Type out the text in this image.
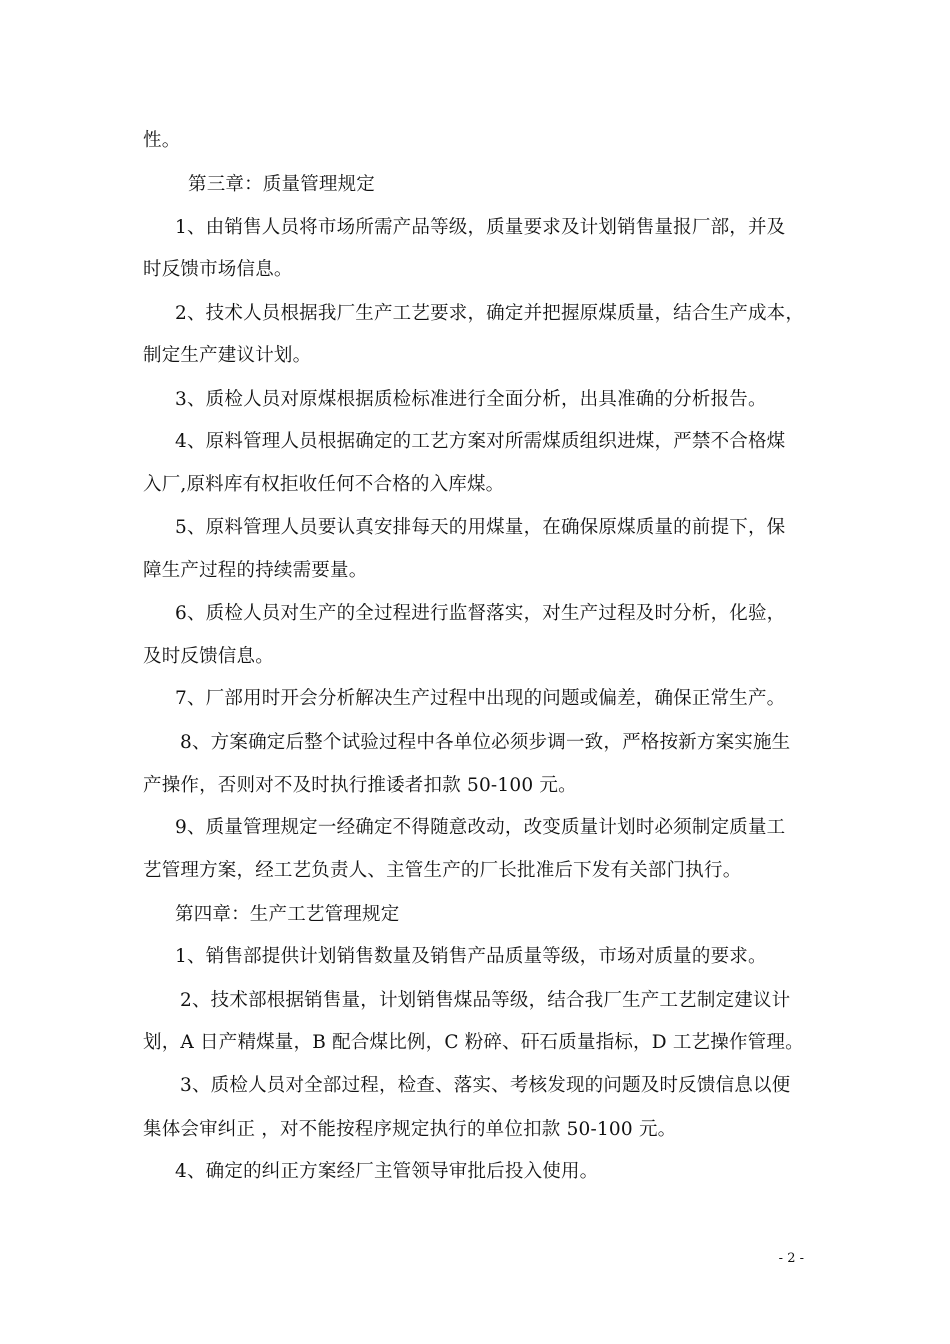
性。
第三章：质量管理规定
1、由销售人员将市场所需产品等级，质量要求及计划销售量报厂部，并及
时反馈市场信息。
2、技术人员根据我厂生产工艺要求，确定并把握原煤质量，结合生产成本，
制定生产建议计划。
3、质检人员对原煤根据质检标准进行全面分析，出具准确的分析报告。
4、原料管理人员根据确定的工艺方案对所需煤质组织进煤，严禁不合格煤
入厂,原料库有权拒收任何不合格的入库煤。
5、原料管理人员要认真安排每天的用煤量，在确保原煤质量的前提下，保
障生产过程的持续需要量。
6、质检人员对生产的全过程进行监督落实，对生产过程及时分析，化验，
及时反馈信息。
7、厂部用时开会分析解决生产过程中出现的问题或偏差，确保正常生产。
8、方案确定后整个试验过程中各单位必须步调一致，严格按新方案实施生
产操作，否则对不及时执行推诿者扣款 50-100 元。
9、质量管理规定一经确定不得随意改动，改变质量计划时必须制定质量工
艺管理方案，经工艺负责人、主管生产的厂长批准后下发有关部门执行。
第四章：生产工艺管理规定
1、销售部提供计划销售数量及销售产品质量等级，市场对质量的要求。
2、技术部根据销售量，计划销售煤品等级，结合我厂生产工艺制定建议计
划，A 日产精煤量，B 配合煤比例，C 粉碎、矸石质量指标，D 工艺操作管理。
3、质检人员对全部过程，检查、落实、考核发现的问题及时反馈信息以便
集体会审纠正 ，对不能按程序规定执行的单位扣款 50-100 元。
4、确定的纠正方案经厂主管领导审批后投入使用。
- 2 -
